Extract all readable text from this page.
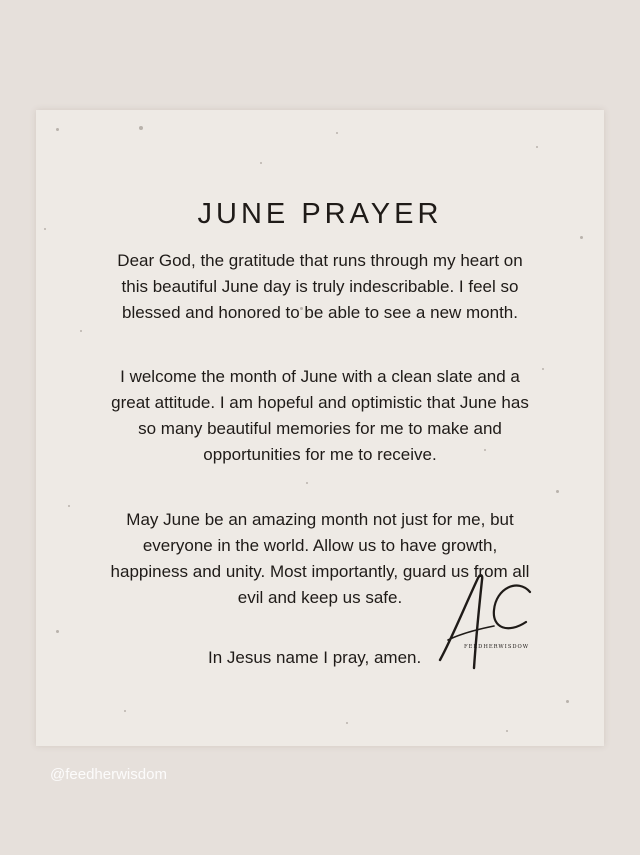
JUNE PRAYER

Dear God, the gratitude that runs through my heart on
this beautiful June day is truly indescribable. I feel so
blessed and honored to be able to see a new month.

I welcome the month of June with a clean slate and a
great attitude. I am hopeful and optimistic that June has
so many beautiful memories for me to make and
opportunities for me to receive.

May June be an amazing month not just for me, but
everyone in the world. Allow us to have growth,
happiness and unity. Most importantly, guard us from all
evil and keep us safe.

In Jesus name I pray, amen.
FEEDHERWISDOW
@feedherwisdom
